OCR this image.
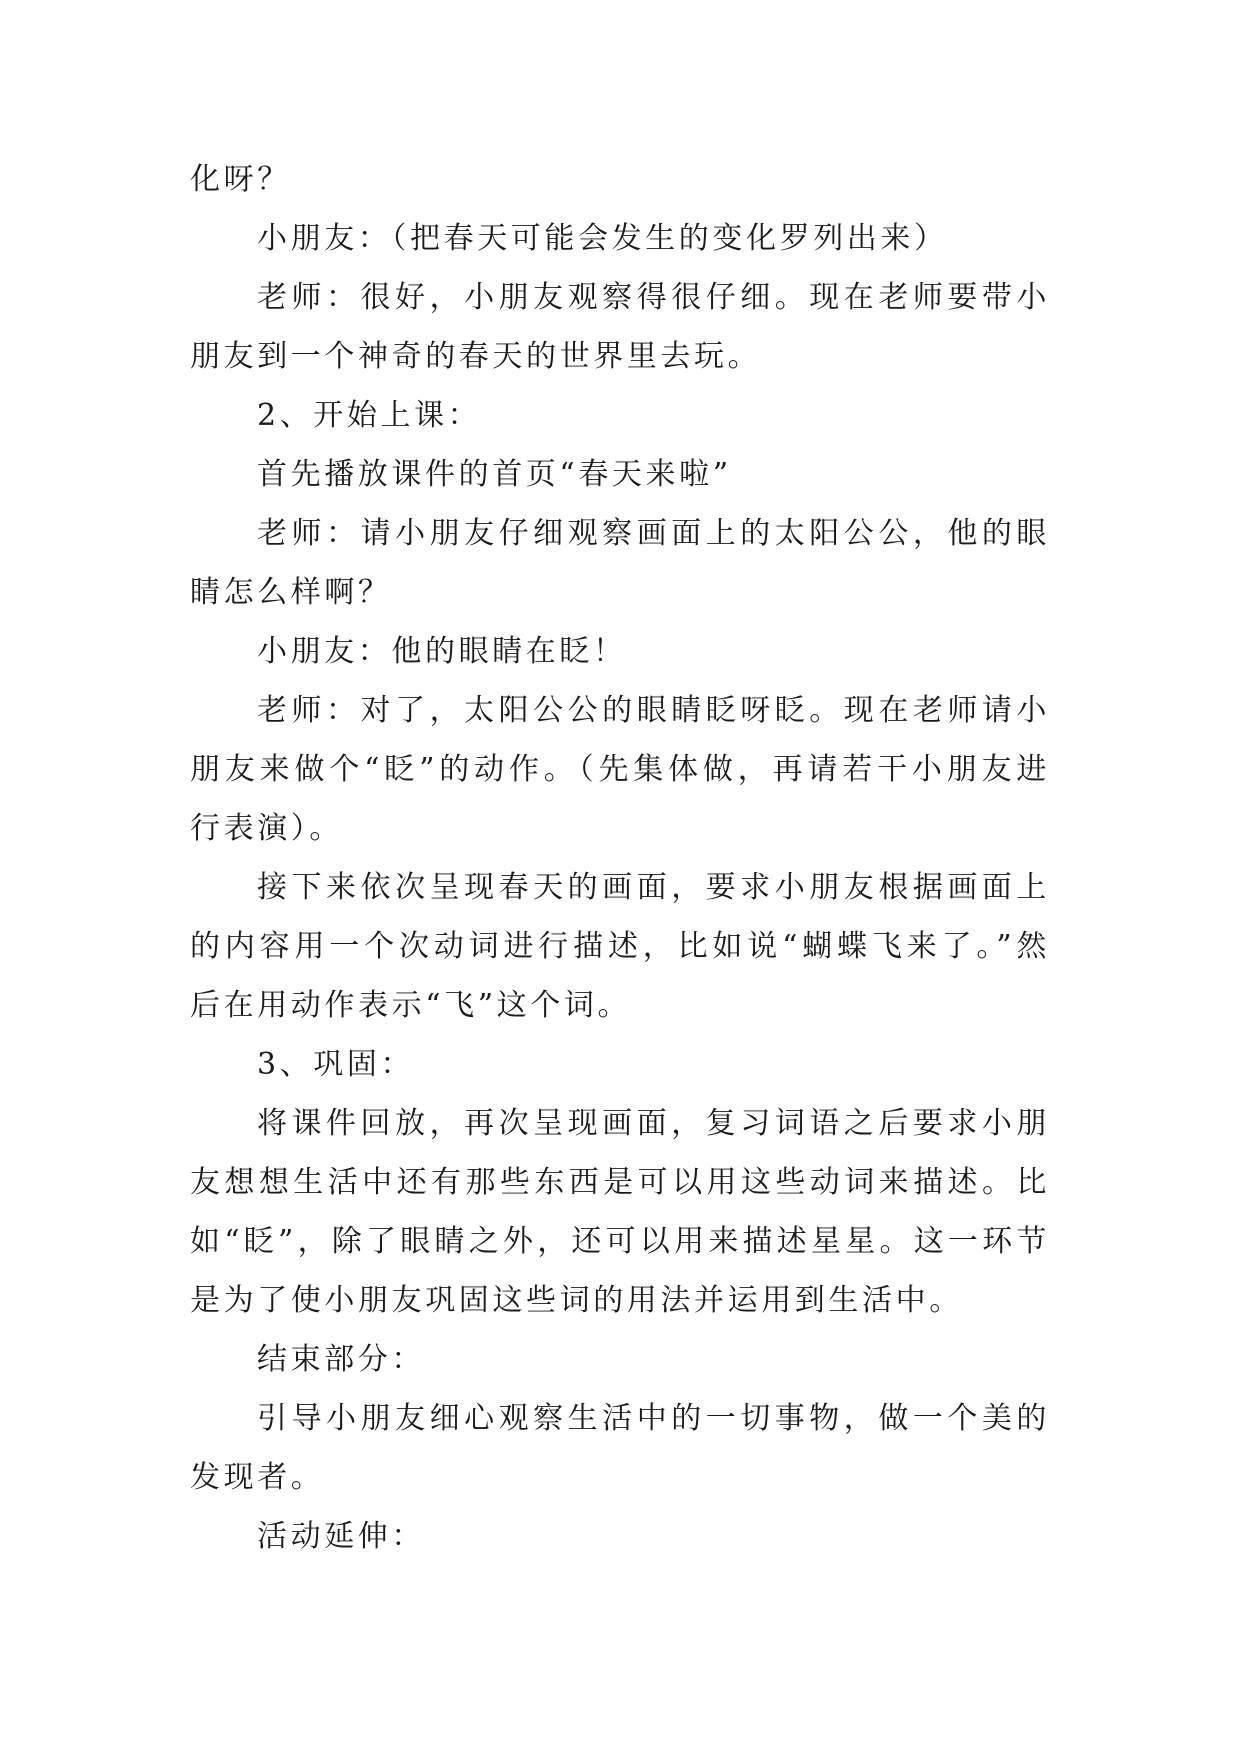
化呀？

小朋友：（把春天可能会发生的变化罗列出来）

老师：很好，小朋友观察得很仔细。现在老师要带小朋友到一个神奇的春天的世界里去玩。

2、开始上课：

首先播放课件的首页“春天来啦”

老师：请小朋友仔细观察画面上的太阳公公，他的眼睛怎么样啊？

小朋友：他的眼睛在眨！

老师：对了，太阳公公的眼睛眨呀眨。现在老师请小朋友来做个“眨”的动作。（先集体做，再请若干小朋友进行表演）。

接下来依次呈现春天的画面，要求小朋友根据画面上的内容用一个次动词进行描述，比如说“蝴蝶飞来了。”然后在用动作表示“飞”这个词。

3、巩固：

将课件回放，再次呈现画面，复习词语之后要求小朋友想想生活中还有那些东西是可以用这些动词来描述。比如“眨”，除了眼睛之外，还可以用来描述星星。这一环节是为了使小朋友巩固这些词的用法并运用到生活中。

结束部分：

引导小朋友细心观察生活中的一切事物，做一个美的发现者。

活动延伸：
